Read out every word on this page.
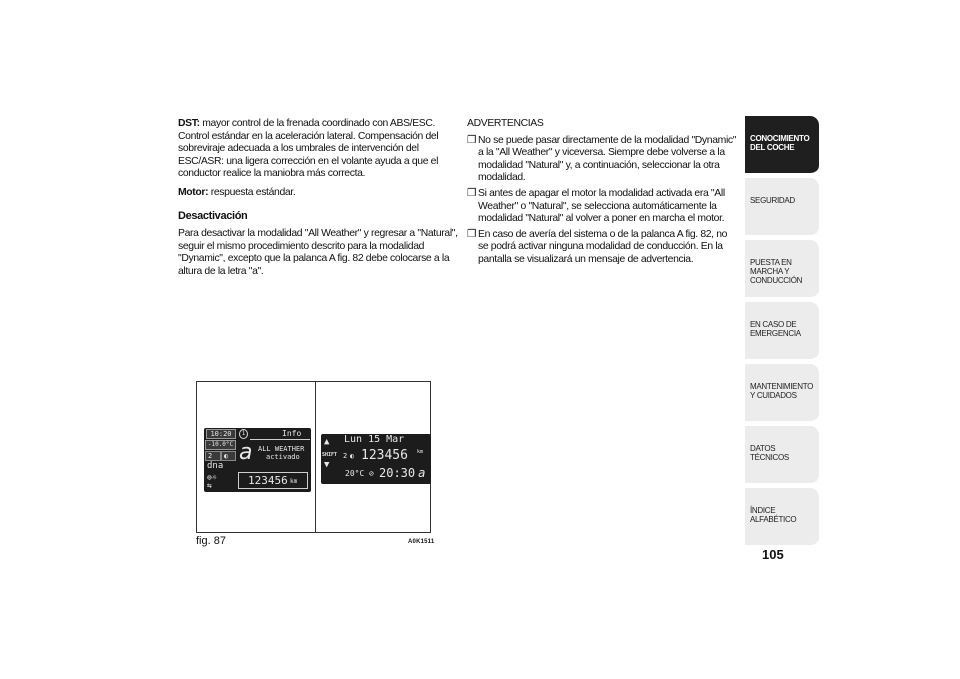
DST: mayor control de la frenada coordinado con ABS/ESC. Control estándar en la aceleración lateral. Compensación del sobreviraje adecuada a los umbrales de intervención del ESC/ASR: una ligera corrección en el volante ayuda a que el conductor realice la maniobra más correcta.

Motor: respuesta estándar.

Desactivación

Para desactivar la modalidad "All Weather" y regresar a "Natural", seguir el mismo procedimiento descrito para la modalidad "Dynamic", excepto que la palanca A fig. 82 debe colocarse a la altura de la letra "a".

ADVERTENCIAS
❒ No se puede pasar directamente de la modalidad "Dynamic" a la "All Weather" y viceversa. Siempre debe volverse a la modalidad "Natural" y, a continuación, seleccionar la otra modalidad.
❒ Si antes de apagar el motor la modalidad activada era "All Weather" o "Natural", se selecciona automáticamente la modalidad "Natural" al volver a poner en marcha el motor.
❒ En caso de avería del sistema o de la palanca A fig. 82, no se podrá activar ninguna modalidad de conducción. En la pantalla se visualizará un mensaje de advertencia.
10:20	1	Info
-10.0°C
2 ◐
dna
⊜☼
⇆
a ALL WEATHER
activado
123456 km
▲
SHIFT
▼
Lun 15 Mar
2 ◐ 123456 km
20°C ⊘ 20:30 a
fig. 87	A0K1511
CONOCIMIENTO DEL COCHE
SEGURIDAD
PUESTA EN MARCHA Y CONDUCCIÓN
EN CASO DE EMERGENCIA
MANTENIMIENTO Y CUIDADOS
DATOS TÉCNICOS
ÍNDICE ALFABÉTICO
105
